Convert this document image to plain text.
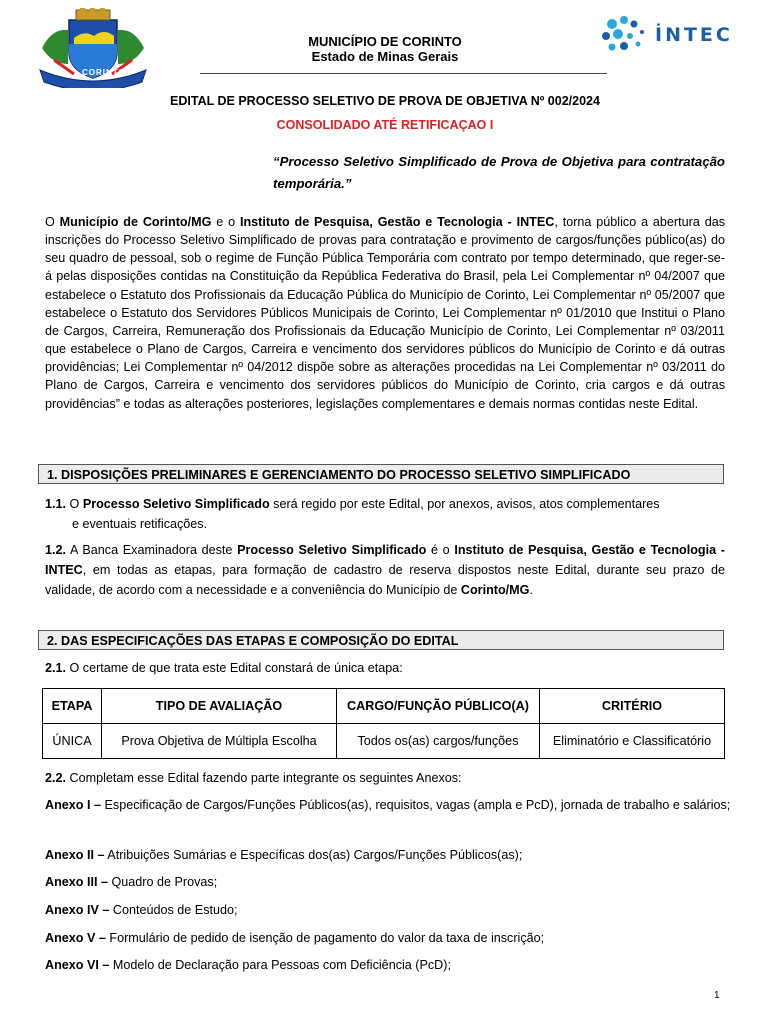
CORINTO
İNTEC
MUNICÍPIO DE CORINTO
Estado de Minas Gerais
EDITAL DE PROCESSO SELETIVO DE PROVA DE OBJETIVA Nº 002/2024
CONSOLIDADO ATÉ RETIFICAÇAO I
“Processo Seletivo Simplificado de Prova de Objetiva para contratação temporária.”
O Município de Corinto/MG e o Instituto de Pesquisa, Gestão e Tecnologia - INTEC, torna público a abertura das inscrições do Processo Seletivo Simplificado de provas para contratação e provimento de cargos/funções público(as) do seu quadro de pessoal, sob o regime de Função Pública Temporária com contrato por tempo determinado, que reger-se-á pelas disposições contidas na Constituição da República Federativa do Brasil, pela Lei Complementar nº 04/2007 que estabelece o Estatuto dos Profissionais da Educação Pública do Município de Corinto, Lei Complementar nº 05/2007 que estabelece o Estatuto dos Servidores Públicos Municipais de Corinto, Lei Complementar nº 01/2010 que Institui o Plano de Cargos, Carreira, Remuneração dos Profissionais da Educação Município de Corinto, Lei Complementar nº 03/2011 que estabelece o Plano de Cargos, Carreira e vencimento dos servidores públicos do Município de Corinto e dá outras providências; Lei Complementar nº 04/2012 dispõe sobre as alterações procedidas na Lei Complementar nº 03/2011 do Plano de Cargos, Carreira e vencimento dos servidores públicos do Município de Corinto, cria cargos e dá outras providências” e todas as alterações posteriores, legislações complementares e demais normas contidas neste Edital.
1. DISPOSIÇÕES PRELIMINARES E GERENCIAMENTO DO PROCESSO SELETIVO SIMPLIFICADO
1.1. O Processo Seletivo Simplificado será regido por este Edital, por anexos, avisos, atos complementares
e eventuais retificações.
1.2. A Banca Examinadora deste Processo Seletivo Simplificado é o Instituto de Pesquisa, Gestão e Tecnologia - INTEC, em todas as etapas, para formação de cadastro de reserva dispostos neste Edital, durante seu prazo de validade, de acordo com a necessidade e a conveniência do Município de Corinto/MG.
2. DAS ESPECIFICAÇÕES DAS ETAPAS E COMPOSIÇÃO DO EDITAL
2.1. O certame de que trata este Edital constará de única etapa:
ETAPA	TIPO DE AVALIAÇÃO	CARGO/FUNÇÃO PÚBLICO(A)	CRITÉRIO
ÚNICA	Prova Objetiva de Múltipla Escolha	Todos os(as) cargos/funções	Eliminatório e Classificatório
2.2. Completam esse Edital fazendo parte integrante os seguintes Anexos:
Anexo I – Especificação de Cargos/Funções Públicos(as), requisitos, vagas (ampla e PcD), jornada de trabalho e salários;
Anexo II – Atribuições Sumárias e Específicas dos(as) Cargos/Funções Públicos(as);
Anexo III – Quadro de Provas;
Anexo IV – Conteúdos de Estudo;
Anexo V – Formulário de pedido de isenção de pagamento do valor da taxa de inscrição;
Anexo VI – Modelo de Declaração para Pessoas com Deficiência (PcD);
1
